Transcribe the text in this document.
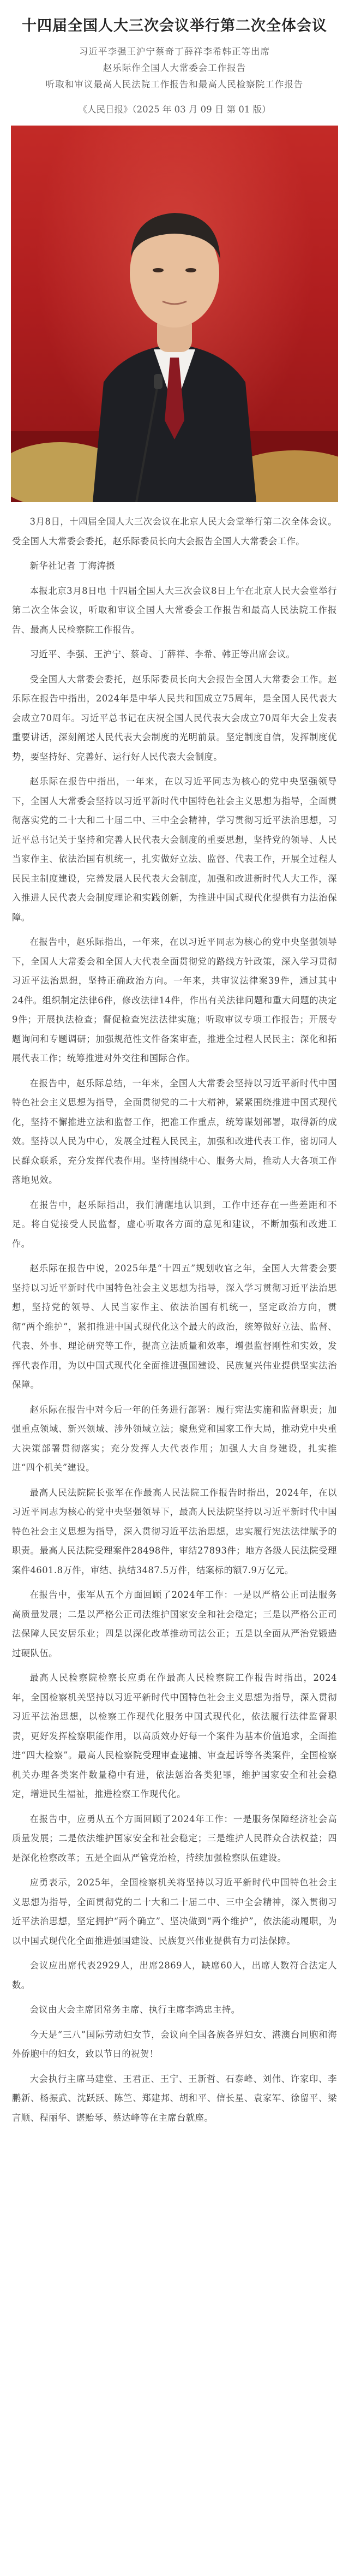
十四届全国人大三次会议举行第二次全体会议

习近平李强王沪宁蔡奇丁薛祥李希韩正等出席

赵乐际作全国人大常委会工作报告

听取和审议最高人民法院工作报告和最高人民检察院工作报告

《人民日报》（2025 年 03 月 09 日 第 01 版）

3月8日，十四届全国人大三次会议在北京人民大会堂举行第二次全体会议。受全国人大常委会委托，赵乐际委员长向大会报告全国人大常委会工作。

新华社记者 丁海涛摄

本报北京3月8日电 十四届全国人大三次会议8日上午在北京人民大会堂举行第二次全体会议，听取和审议全国人大常委会工作报告和最高人民法院工作报告、最高人民检察院工作报告。

习近平、李强、王沪宁、蔡奇、丁薛祥、李希、韩正等出席会议。

受全国人大常委会委托，赵乐际委员长向大会报告全国人大常委会工作。赵乐际在报告中指出，2024年是中华人民共和国成立75周年，是全国人民代表大会成立70周年。习近平总书记在庆祝全国人民代表大会成立70周年大会上发表重要讲话，深刻阐述人民代表大会制度的光明前景。坚定制度自信，发挥制度优势，要坚持好、完善好、运行好人民代表大会制度。

赵乐际在报告中指出，一年来，在以习近平同志为核心的党中央坚强领导下，全国人大常委会坚持以习近平新时代中国特色社会主义思想为指导，全面贯彻落实党的二十大和二十届二中、三中全会精神，学习贯彻习近平法治思想，习近平总书记关于坚持和完善人民代表大会制度的重要思想，坚持党的领导、人民当家作主、依法治国有机统一，扎实做好立法、监督、代表工作，开展全过程人民民主制度建设，完善发展人民代表大会制度，加强和改进新时代人大工作，深入推进人民代表大会制度理论和实践创新，为推进中国式现代化提供有力法治保障。

在报告中，赵乐际指出，一年来，在以习近平同志为核心的党中央坚强领导下，全国人大常委会和全国人大代表全面贯彻党的路线方针政策，深入学习贯彻习近平法治思想，坚持正确政治方向。一年来，共审议法律案39件，通过其中24件。组织制定法律6件，修改法律14件，作出有关法律问题和重大问题的决定9件；开展执法检查；督促检查宪法法律实施；听取审议专项工作报告；开展专题询问和专题调研；加强规范性文件备案审查，推进全过程人民民主；深化和拓展代表工作；统筹推进对外交往和国际合作。

在报告中，赵乐际总结，一年来，全国人大常委会坚持以习近平新时代中国特色社会主义思想为指导，全面贯彻党的二十大精神，紧紧围绕推进中国式现代化，坚持不懈推进立法和监督工作，把准工作重点，统筹谋划部署，取得新的成效。坚持以人民为中心，发展全过程人民民主，加强和改进代表工作，密切同人民群众联系，充分发挥代表作用。坚持围绕中心、服务大局，推动人大各项工作落地见效。

在报告中，赵乐际指出，我们清醒地认识到，工作中还存在一些差距和不足。将自觉接受人民监督，虚心听取各方面的意见和建议，不断加强和改进工作。

赵乐际在报告中说，2025年是“十四五”规划收官之年，全国人大常委会要坚持以习近平新时代中国特色社会主义思想为指导，深入学习贯彻习近平法治思想，坚持党的领导、人民当家作主、依法治国有机统一，坚定政治方向，贯彻“两个维护”，紧扣推进中国式现代化这个最大的政治，统筹做好立法、监督、代表、外事、理论研究等工作，提高立法质量和效率，增强监督刚性和实效，发挥代表作用，为以中国式现代化全面推进强国建设、民族复兴伟业提供坚实法治保障。

赵乐际在报告中对今后一年的任务进行部署：履行宪法实施和监督职责；加强重点领域、新兴领域、涉外领域立法；聚焦党和国家工作大局，推动党中央重大决策部署贯彻落实；充分发挥人大代表作用；加强人大自身建设，扎实推进“四个机关”建设。

最高人民法院院长张军在作最高人民法院工作报告时指出，2024年，在以习近平同志为核心的党中央坚强领导下，最高人民法院坚持以习近平新时代中国特色社会主义思想为指导，深入贯彻习近平法治思想，忠实履行宪法法律赋予的职责。最高人民法院受理案件28498件，审结27893件；地方各级人民法院受理案件4601.8万件，审结、执结3487.5万件，结案标的额7.9万亿元。

在报告中，张军从五个方面回顾了2024年工作：一是以严格公正司法服务高质量发展；二是以严格公正司法维护国家安全和社会稳定；三是以严格公正司法保障人民安居乐业；四是以深化改革推动司法公正；五是以全面从严治党锻造过硬队伍。

最高人民检察院检察长应勇在作最高人民检察院工作报告时指出，2024年，全国检察机关坚持以习近平新时代中国特色社会主义思想为指导，深入贯彻习近平法治思想，以检察工作现代化服务中国式现代化，依法履行法律监督职责，更好发挥检察职能作用，以高质效办好每一个案件为基本价值追求，全面推进“四大检察”。最高人民检察院受理审查逮捕、审查起诉等各类案件，全国检察机关办理各类案件数量稳中有进，依法惩治各类犯罪，维护国家安全和社会稳定，增进民生福祉，推进检察工作现代化。

在报告中，应勇从五个方面回顾了2024年工作：一是服务保障经济社会高质量发展；二是依法维护国家安全和社会稳定；三是维护人民群众合法权益；四是深化检察改革；五是全面从严管党治检，持续加强检察队伍建设。

应勇表示，2025年，全国检察机关将坚持以习近平新时代中国特色社会主义思想为指导，全面贯彻党的二十大和二十届二中、三中全会精神，深入贯彻习近平法治思想，坚定拥护“两个确立”、坚决做到“两个维护”，依法能动履职，为以中国式现代化全面推进强国建设、民族复兴伟业提供有力司法保障。

会议应出席代表2929人，出席2869人，缺席60人，出席人数符合法定人数。

会议由大会主席团常务主席、执行主席李鸿忠主持。

今天是“三八”国际劳动妇女节，会议向全国各族各界妇女、港澳台同胞和海外侨胞中的妇女，致以节日的祝贺！

大会执行主席马建堂、王君正、王宁、王新哲、石泰峰、刘伟、许家印、李鹏新、杨振武、沈跃跃、陈竺、郑建邦、胡和平、信长星、袁家军、徐留平、梁言顺、程丽华、谌贻琴、蔡达峰等在主席台就座。
